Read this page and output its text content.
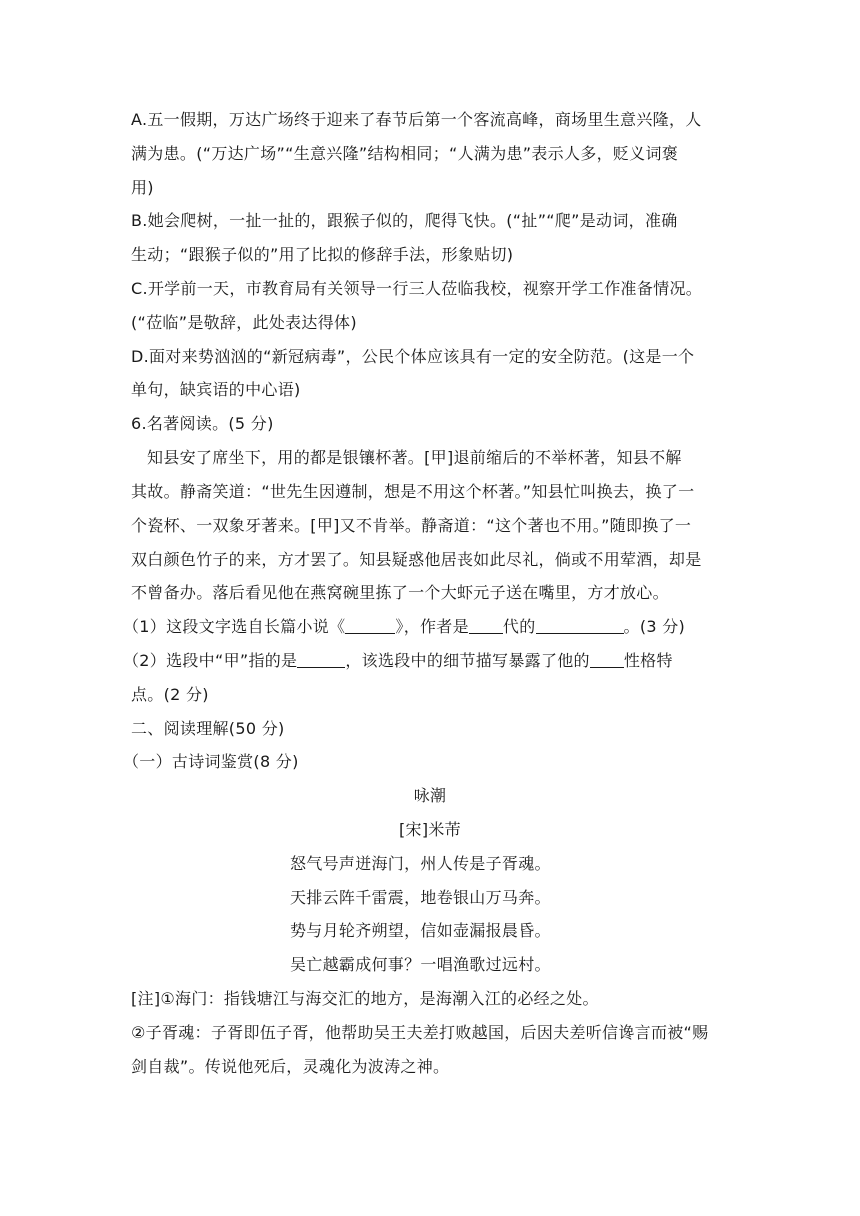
A.五一假期，万达广场终于迎来了春节后第一个客流高峰，商场里生意兴隆，人
满为患。(“万达广场”“生意兴隆”结构相同；“人满为患”表示人多，贬义词褒
用)
B.她会爬树，一扯一扯的，跟猴子似的，爬得飞快。(“扯”“爬”是动词，准确
生动；“跟猴子似的”用了比拟的修辞手法，形象贴切)
C.开学前一天，市教育局有关领导一行三人莅临我校，视察开学工作准备情况。
(“莅临”是敬辞，此处表达得体)
D.面对来势汹汹的“新冠病毒”，公民个体应该具有一定的安全防范。(这是一个
单句，缺宾语的中心语)
6.名著阅读。(5 分)
知县安了席坐下，用的都是银镶杯著。[甲]退前缩后的不举杯著，知县不解
其故。静斋笑道：“世先生因遵制，想是不用这个杯著。”知县忙叫换去，换了一
个瓷杯、一双象牙著来。[甲]又不肯举。静斋道：“这个著也不用。”随即换了一
双白颜色竹子的来，方才罢了。知县疑惑他居丧如此尽礼，倘或不用荤酒，却是
不曾备办。落后看见他在燕窝碗里拣了一个大虾元子送在嘴里，方才放心。
（1）这段文字选自长篇小说《	》，作者是 代的	。(3 分)
（2）选段中“甲”指的是	，该选段中的细节描写暴露了他的 性格特
点。(2 分)
二、阅读理解(50 分)
（一）古诗词鉴赏(8 分)
咏潮
[宋]米芾
怒气号声迸海门，州人传是子胥魂。
天排云阵千雷震，地卷银山万马奔。
势与月轮齐朔望，信如壶漏报晨昏。
吴亡越霸成何事？一唱渔歌过远村。
[注]①海门：指钱塘江与海交汇的地方，是海潮入江的必经之处。
②子胥魂：子胥即伍子胥，他帮助吴王夫差打败越国，后因夫差听信谗言而被“赐
剑自裁”。传说他死后，灵魂化为波涛之神。
